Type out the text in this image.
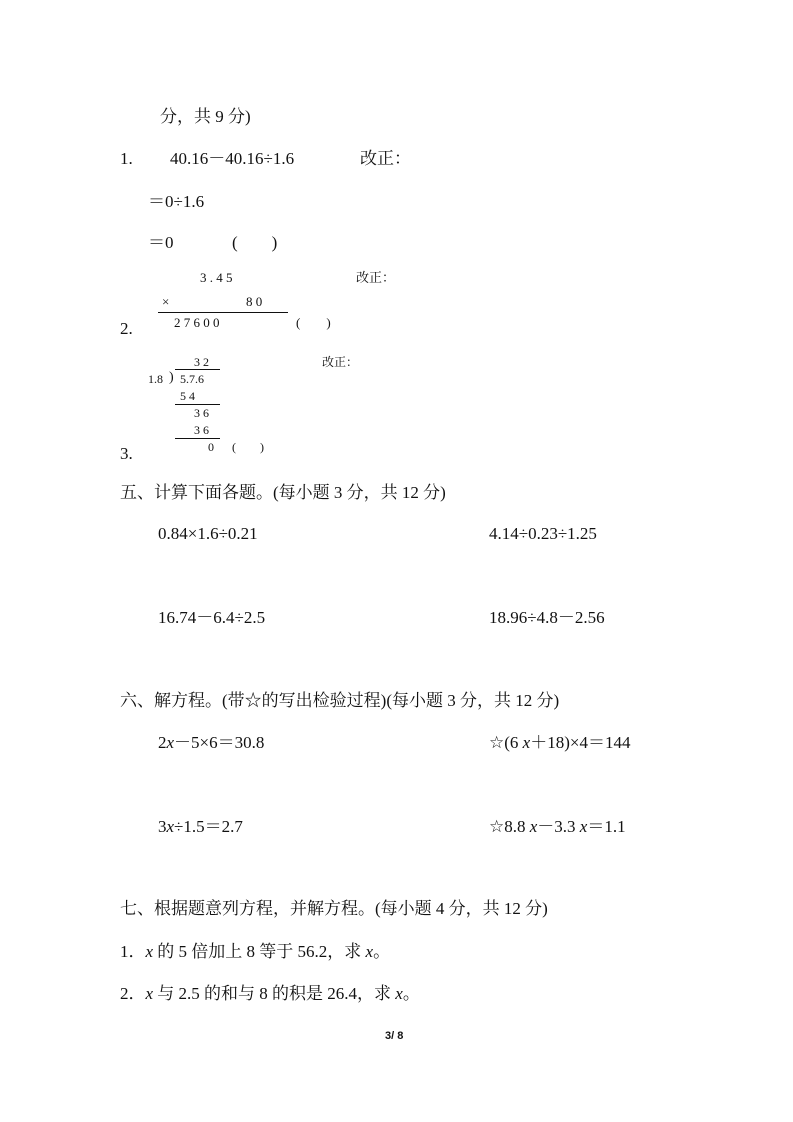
分，共 9 分)
1. 40.16－40.16÷1.6	改正：
＝0÷1.6
＝0	(　　)
3 . 4 5	改正：
×	8 0
2.	2 7 6 0 0	(　　)
3 2	改正：
1.8 ) 5.7.6
5 4
3 6
3 6
0 (　　)
3.
五、计算下面各题。(每小题 3 分，共 12 分)
0.84×1.6÷0.21	4.14÷0.23÷1.25
16.74－6.4÷2.5	18.96÷4.8－2.56
六、解方程。(带☆的写出检验过程)(每小题 3 分，共 12 分)
2x－5×6＝30.8	☆(6 x＋18)×4＝144
3x÷1.5＝2.7	☆8.8 x－3.3 x＝1.1
七、根据题意列方程，并解方程。(每小题 4 分，共 12 分)
1．x 的 5 倍加上 8 等于 56.2，求 x。
2．x 与 2.5 的和与 8 的积是 26.4，求 x。
3/ 8
